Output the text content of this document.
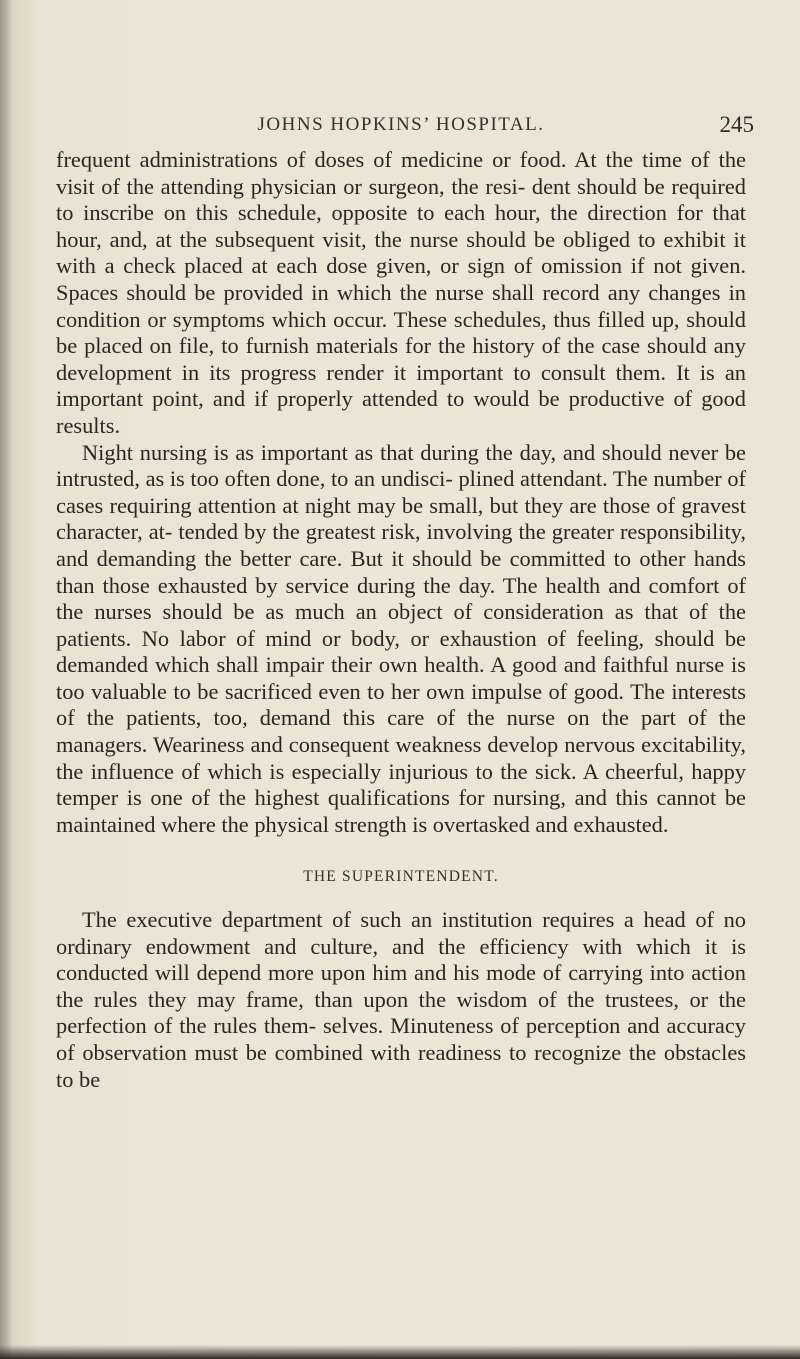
JOHNS HOPKINS’ HOSPITAL.	245

frequent administrations of doses of medicine or food. At the time of the visit of the attending physician or surgeon, the resi- dent should be required to inscribe on this schedule, opposite to each hour, the direction for that hour, and, at the subsequent visit, the nurse should be obliged to exhibit it with a check placed at each dose given, or sign of omission if not given. Spaces should be provided in which the nurse shall record any changes in condition or symptoms which occur. These schedules, thus filled up, should be placed on file, to furnish materials for the history of the case should any development in its progress render it important to consult them. It is an important point, and if properly attended to would be productive of good results.

Night nursing is as important as that during the day, and should never be intrusted, as is too often done, to an undisci- plined attendant. The number of cases requiring attention at night may be small, but they are those of gravest character, at- tended by the greatest risk, involving the greater responsibility, and demanding the better care. But it should be committed to other hands than those exhausted by service during the day. The health and comfort of the nurses should be as much an object of consideration as that of the patients. No labor of mind or body, or exhaustion of feeling, should be demanded which shall impair their own health. A good and faithful nurse is too valuable to be sacrificed even to her own impulse of good. The interests of the patients, too, demand this care of the nurse on the part of the managers. Weariness and consequent weakness develop nervous excitability, the influence of which is especially injurious to the sick. A cheerful, happy temper is one of the highest qualifications for nursing, and this cannot be maintained where the physical strength is overtasked and exhausted.

THE SUPERINTENDENT.

The executive department of such an institution requires a head of no ordinary endowment and culture, and the efficiency with which it is conducted will depend more upon him and his mode of carrying into action the rules they may frame, than upon the wisdom of the trustees, or the perfection of the rules them- selves. Minuteness of perception and accuracy of observation must be combined with readiness to recognize the obstacles to be
